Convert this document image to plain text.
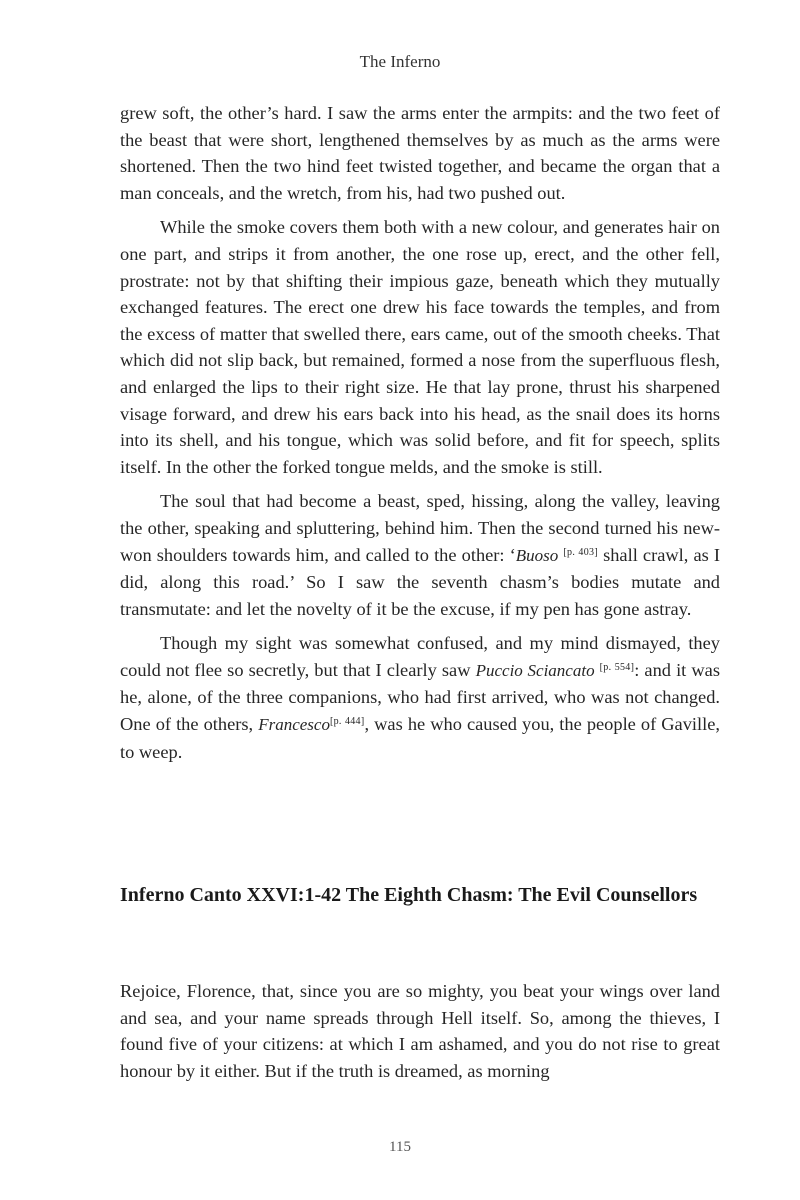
The Inferno

grew soft, the other’s hard. I saw the arms enter the armpits: and the two feet of the beast that were short, lengthened themselves by as much as the arms were shortened. Then the two hind feet twisted together, and became the organ that a man conceals, and the wretch, from his, had two pushed out.

While the smoke covers them both with a new colour, and generates hair on one part, and strips it from another, the one rose up, erect, and the other fell, prostrate: not by that shifting their impious gaze, beneath which they mutually exchanged features. The erect one drew his face towards the temples, and from the excess of matter that swelled there, ears came, out of the smooth cheeks. That which did not slip back, but remained, formed a nose from the superfluous flesh, and enlarged the lips to their right size. He that lay prone, thrust his sharpened visage forward, and drew his ears back into his head, as the snail does its horns into its shell, and his tongue, which was solid before, and fit for speech, splits itself. In the other the forked tongue melds, and the smoke is still.

The soul that had become a beast, sped, hissing, along the valley, leaving the other, speaking and spluttering, behind him. Then the second turned his new-won shoulders towards him, and called to the other: ‘Buoso [p. 403] shall crawl, as I did, along this road.’ So I saw the seventh chasm’s bodies mutate and transmutate: and let the novelty of it be the excuse, if my pen has gone astray.

Though my sight was somewhat confused, and my mind dismayed, they could not flee so secretly, but that I clearly saw Puccio Sciancato [p. 554]: and it was he, alone, of the three companions, who had first arrived, who was not changed. One of the others, Francesco[p. 444], was he who caused you, the people of Gaville, to weep.

Inferno Canto XXVI:1-42 The Eighth Chasm: The Evil Counsellors

Rejoice, Florence, that, since you are so mighty, you beat your wings over land and sea, and your name spreads through Hell itself. So, among the thieves, I found five of your citizens: at which I am ashamed, and you do not rise to great honour by it either. But if the truth is dreamed, as morning

115
